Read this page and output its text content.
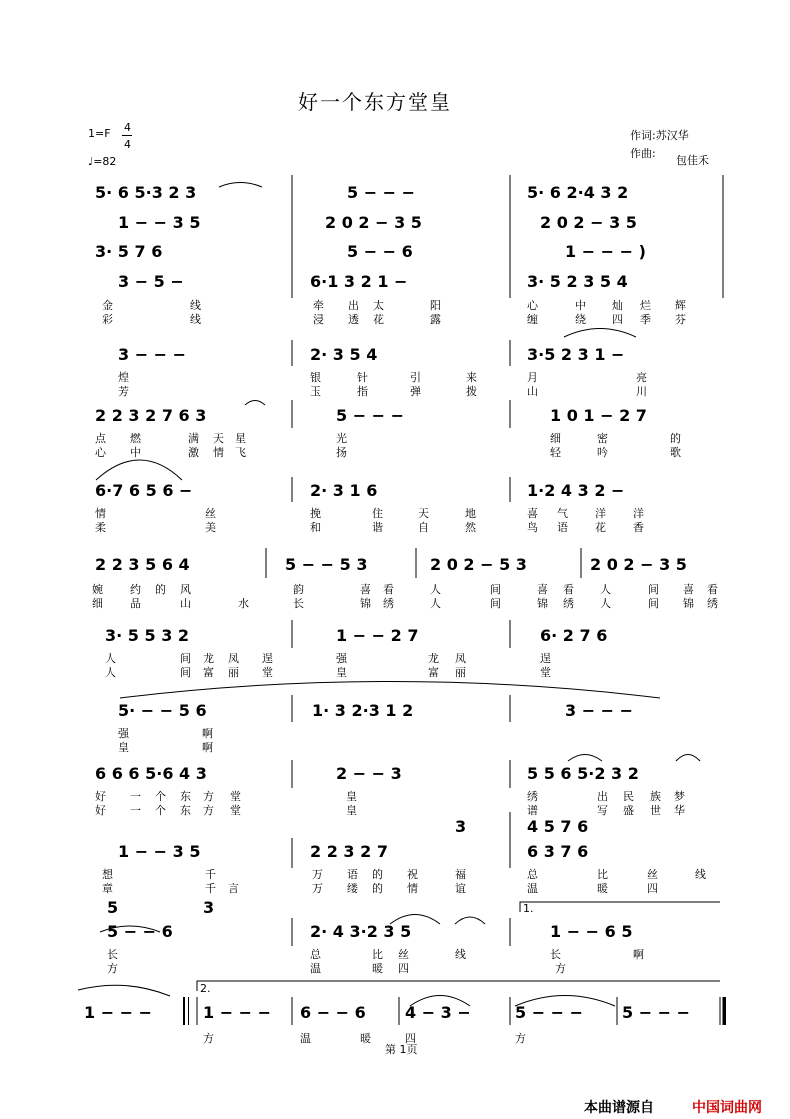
好一个东方堂皇
1=F 4
4
♩=82
作词:苏汉华
作曲:
包佳禾
5· 6 5·3 2 3	5 − − −	5· 6 2·4 3 2
1 − − 3 5	2 0 2 − 3 5	2 0 2 − 3 5
3· 5 7 6	5 − − 6	1 − − − )
3 − 5 −	6·1 3 2 1 −	3· 5 2 3 5 4
金	线	牵 出 太	阳	心	中 灿 烂 辉
彩	线	浸 透 花	露	缠	绕 四 季 芬
3 − − −	2· 3 5 4	3·5 2 3 1 −
煌	银	针	引	来	月	亮
芳	玉	指	弹	拨	山	川
2 2 3 2 7 6 3	5 − − −	1 0 1 − 2 7
点 燃	满 天 星	光	细	密	的
心 中	激 情 飞	扬	轻	吟	歌
6·7 6 5 6 −	2· 3 1 6	1·2 4 3 2 −
情	丝	挽	住	天	地	喜 气 洋 洋
柔	美	和	谐	自	然	鸟 语 花 香
2 2 3 5 6 4	5 − − 5 3	2 0 2 − 5 3	2 0 2 − 3 5
婉 约 的 风	韵	喜 看	人	间	喜 看 人	间 喜 看
细 品	山	水	长	锦 绣	人	间	锦 绣 人	间 锦 绣
3· 5 5 3 2	1 − − 2 7	6· 2 7 6
人	间 龙 凤 逞	强	龙 凤	逞
人	间 富 丽 堂	皇	富 丽	堂
5· − − 5 6	1· 3 2·3 1 2	3 − − −
强	啊
皇	啊
6 6 6 5·6 4 3	2 − − 3	5 5 6 5·2 3 2
好 一 个 东 方 堂	皇	绣	出 民 族 梦
好 一 个 东 方 堂	皇	谱	写 盛 世 华
3	4 5 7 6
1 − − 3 5	2 2 3 2 7	6 3 7 6
想	千	万 语 的 祝	福	总	比	丝	线
章	千 言	万 缕 的 情	谊	温	暖	四
5	3	1.
5 − − 6	2· 4 3·2 3 5	1 − − 6 5
长	总	比 丝	线	长	啊
方	温	暖 四	方
2.
1 − − −	1 − − − 6 − − 6 4 − 3 −	5 − − − 5 − − −
方	温	暖	四	方
第 1页
本曲谱源自	中国词曲网
